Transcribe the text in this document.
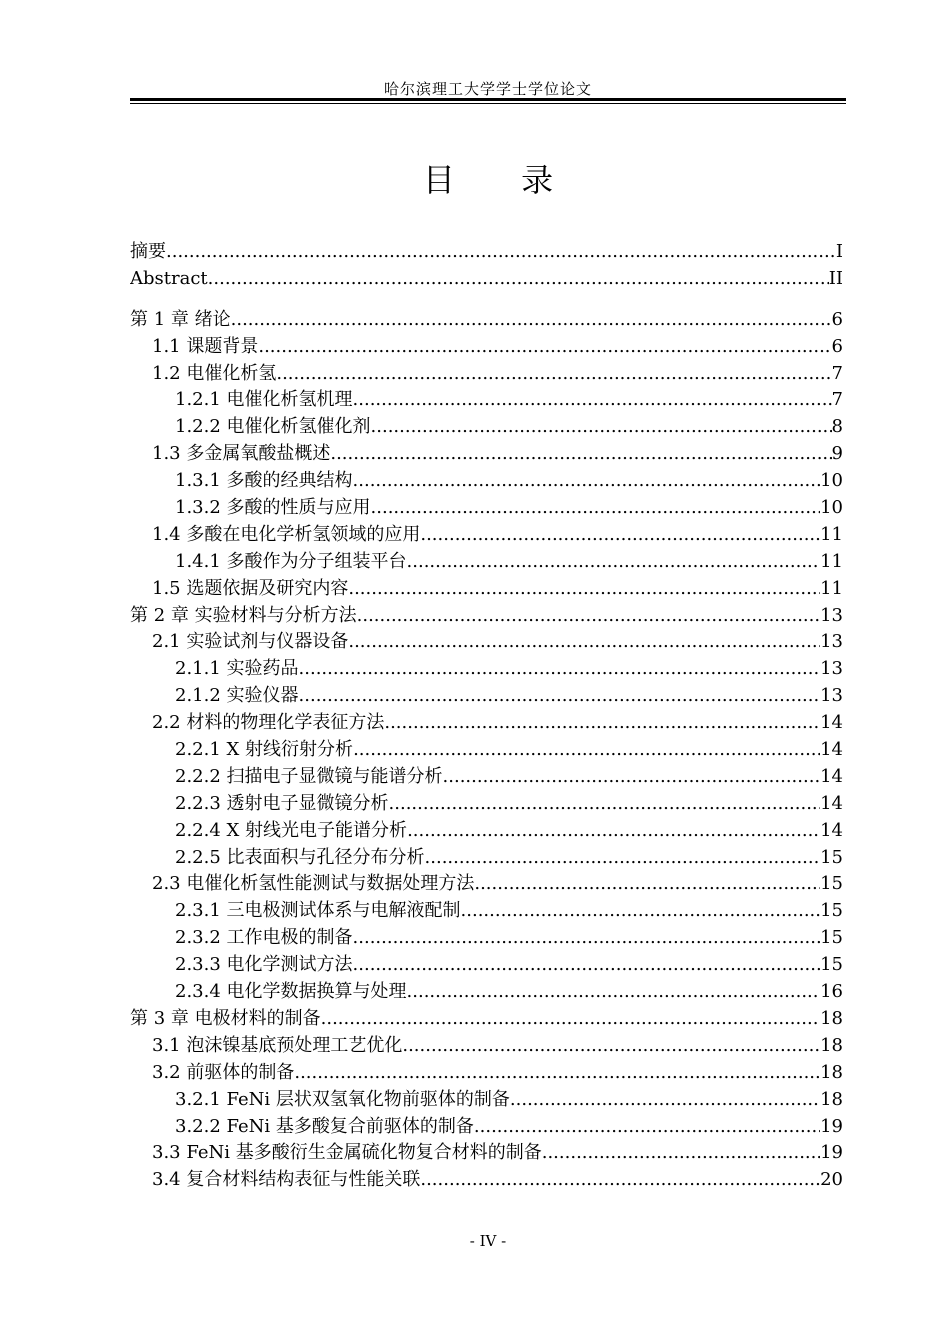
哈尔滨理工大学学士学位论文
目 录
摘要 .....	I
Abstract .....	II
第 1 章 绪论 .....	6
1.1 课题背景 .....	6
1.2 电催化析氢 .....	7
1.2.1 电催化析氢机理 .....	7
1.2.2 电催化析氢催化剂 .....	8
1.3 多金属氧酸盐概述 .....	9
1.3.1 多酸的经典结构 .....	10
1.3.2 多酸的性质与应用 .....	10
1.4 多酸在电化学析氢领域的应用 .....	11
1.4.1 多酸作为分子组装平台 .....	11
1.5 选题依据及研究内容 .....	11
第 2 章 实验材料与分析方法 .....	13
2.1 实验试剂与仪器设备 .....	13
2.1.1 实验药品 .....	13
2.1.2 实验仪器 .....	13
2.2 材料的物理化学表征方法 .....	14
2.2.1 X 射线衍射分析 .....	14
2.2.2 扫描电子显微镜与能谱分析 .....	14
2.2.3 透射电子显微镜分析 .....	14
2.2.4 X 射线光电子能谱分析 .....	14
2.2.5 比表面积与孔径分布分析 .....	15
2.3 电催化析氢性能测试与数据处理方法 .....	15
2.3.1 三电极测试体系与电解液配制 .....	15
2.3.2 工作电极的制备 .....	15
2.3.3 电化学测试方法 .....	15
2.3.4 电化学数据换算与处理 .....	16
第 3 章 电极材料的制备 .....	18
3.1 泡沫镍基底预处理工艺优化 .....	18
3.2 前驱体的制备 .....	18
3.2.1 FeNi 层状双氢氧化物前驱体的制备 .....	18
3.2.2 FeNi 基多酸复合前驱体的制备 .....	19
3.3 FeNi 基多酸衍生金属硫化物复合材料的制备 .....	19
3.4 复合材料结构表征与性能关联 .....	20
- IV -
